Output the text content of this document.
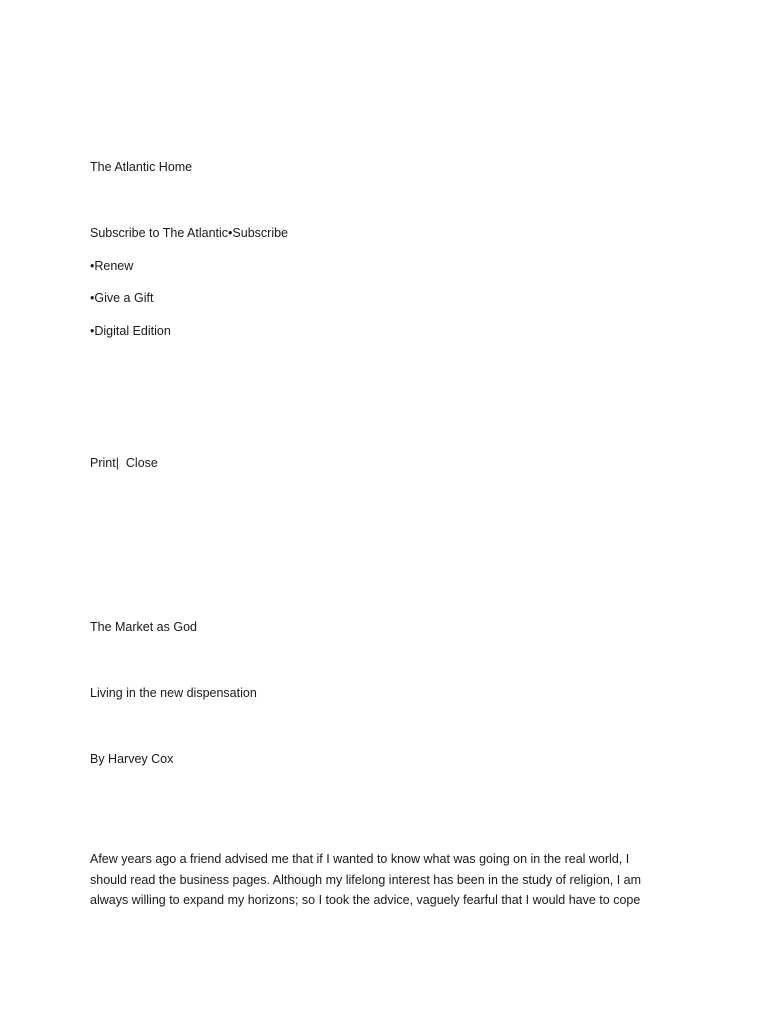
The Atlantic Home
Subscribe to The Atlantic•Subscribe
•Renew
•Give a Gift
•Digital Edition
Print| Close
The Market as God
Living in the new dispensation
By Harvey Cox

Afew years ago a friend advised me that if I wanted to know what was going on in the real world, I
should read the business pages. Although my lifelong interest has been in the study of religion, I am
always willing to expand my horizons; so I took the advice, vaguely fearful that I would have to cope
